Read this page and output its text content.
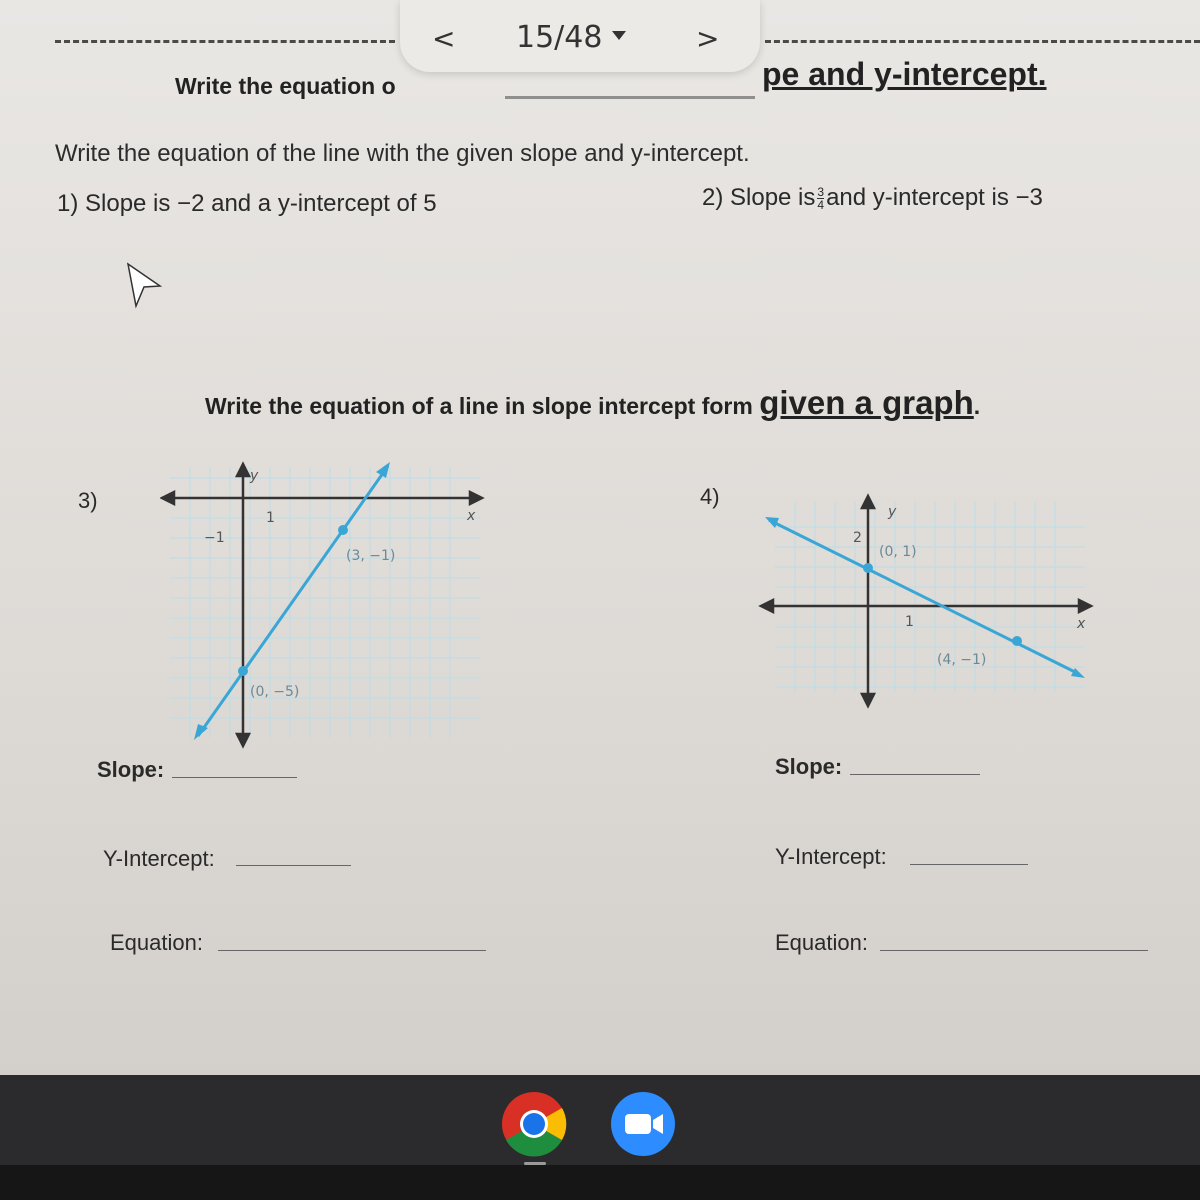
Write the equation o	pe and y-intercept.
< 15/48	>
Write the equation of the line with the given slope and y-intercept.
1) Slope is −2 and a y-intercept of 5	2) Slope is $\frac{3}{4}$ and y-intercept is −3
Write the equation of a line in slope intercept form given a graph.
3)	4)
x
y
1
−1
(3, −1)
(0, −5)
x
y
1
2
(0, 1)
(4, −1)
Slope:
Y-Intercept:
Equation:
Slope:
Y-Intercept:
Equation:
